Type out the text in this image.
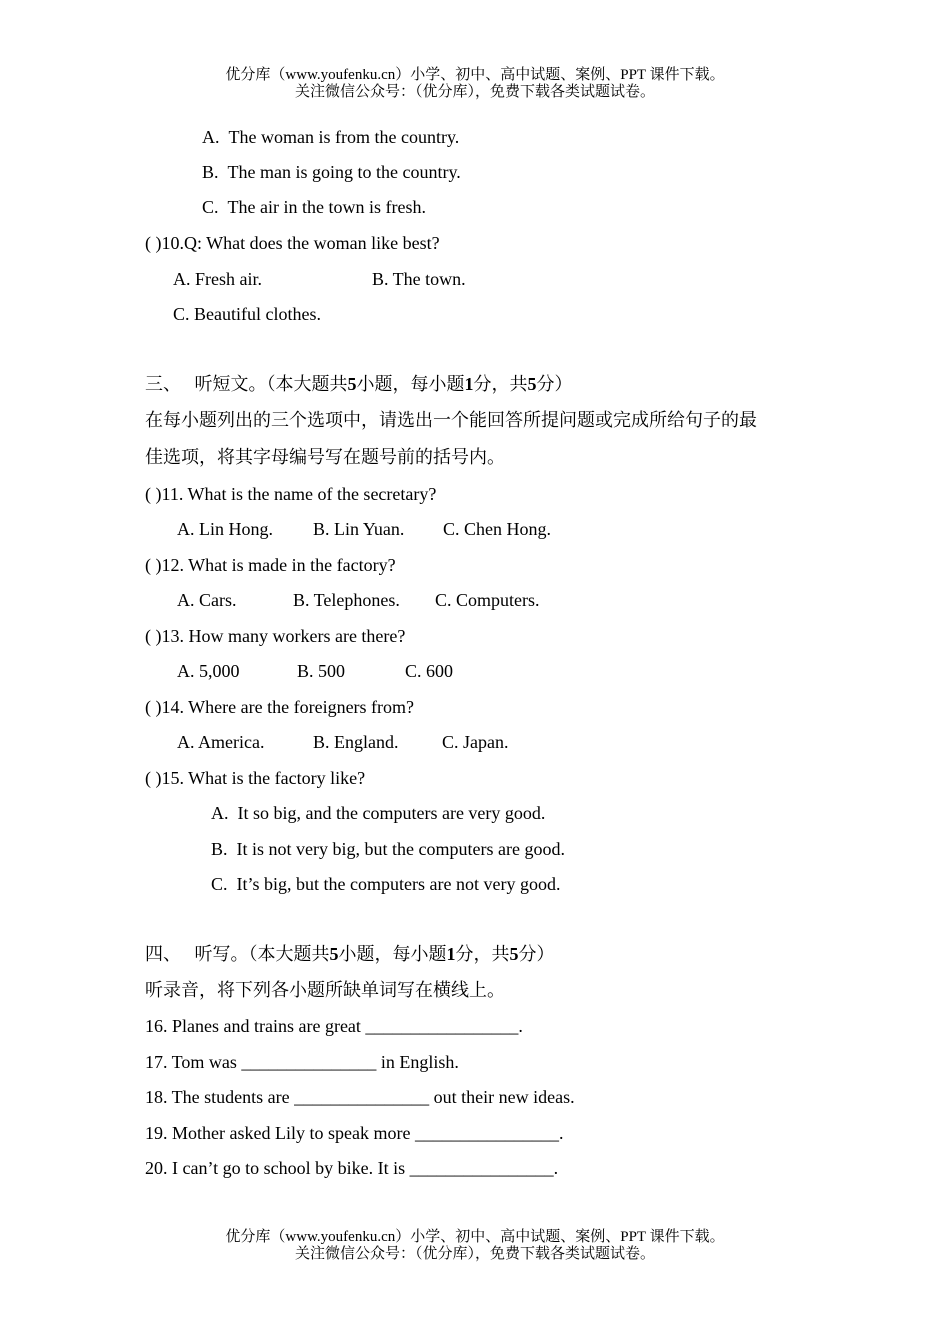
优分库（www.youfenku.cn）小学、初中、高中试题、案例、PPT 课件下载。
关注微信公众号：（优分库），免费下载各类试题试卷。
A. The woman is from the country.
B. The man is going to the country.
C. The air in the town is fresh.
( )10.Q: What does the woman like best?
A. Fresh air.	B. The town.
C. Beautiful clothes.
三、 听短文。（本大题共5小题，每小题1分，共5分）
在每小题列出的三个选项中，请选出一个能回答所提问题或完成所给句子的最
佳选项，将其字母编号写在题号前的括号内。
( )11. What is the name of the secretary?
A. Lin Hong. B. Lin Yuan. C. Chen Hong.
( )12. What is made in the factory?
A. Cars.	B. Telephones. C. Computers.
( )13. How many workers are there?
A. 5,000	B. 500	C. 600
( )14. Where are the foreigners from?
A. America.	B. England. C. Japan.
( )15. What is the factory like?
A. It so big, and the computers are very good.
B. It is not very big, but the computers are good.
C. It’s big, but the computers are not very good.
四、 听写。（本大题共5小题，每小题1分，共5分）
听录音，将下列各小题所缺单词写在横线上。
16. Planes and trains are great _________________.
17. Tom was _______________ in English.
18. The students are _______________ out their new ideas.
19. Mother asked Lily to speak more ________________.
20. I can’t go to school by bike. It is ________________.
优分库（www.youfenku.cn）小学、初中、高中试题、案例、PPT 课件下载。
关注微信公众号：（优分库），免费下载各类试题试卷。
